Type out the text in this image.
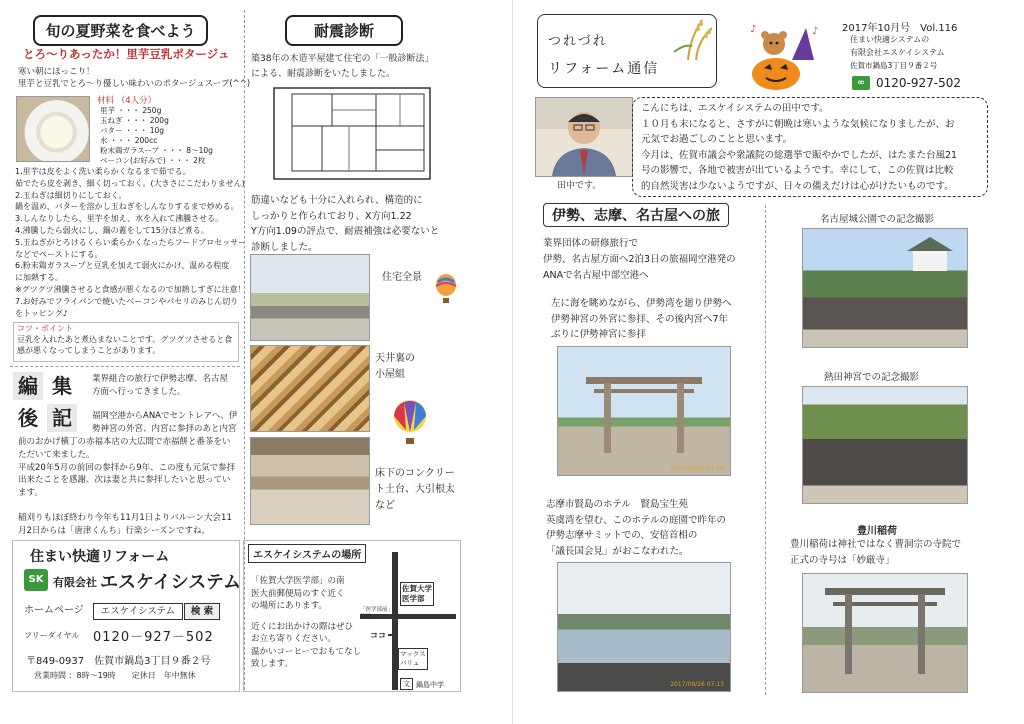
旬の夏野菜を食べよう
とろ〜りあったか！里芋豆乳ポタージュ
寒い朝にほっこり！
里芋と豆乳でとろ〜り優しい味わいのポタージュスープ(^^)
材料 （4人分）
里芋 ・・・ 250g
玉ねぎ ・・・ 200g
バター ・・・ 10g
水 ・・・ 200cc
粉末鶏ガラスープ ・・・ 8〜10g
ベーコン(お好みで) ・・・ 2枚
1.里芋は皮をよく洗い柔らかくなるまで茹でる。
茹でたら皮を剥き、細く切っておく。(大きさにこだわりません)
2.玉ねぎは細切りにしておく。
鍋を温め、バターを溶かし玉ねぎをしんなりするまで炒める。
3.しんなりしたら、里芋を加え、水を入れて沸騰させる。
4.沸騰したら弱火にし、鍋の蓋をして15分ほど煮る。
5.玉ねぎがとろけるくらい柔らかくなったらフードプロセッサー
などでペーストにする。
6.粉末鶏ガラスープと豆乳を加えて弱火にかけ、温める程度
に加熱する。
※グツグツ沸騰させると食感が悪くなるので加熱しすぎに注意！
7.お好みでフライパンで焼いたベーコンやパセリのみじん切り
をトッピング♪
コツ・ポイント
豆乳を入れたあと煮込まないことです。グツグツさせると食
感が悪くなってしまうことがあります。
編 集
後 記
業界組合の旅行で伊勢志摩、名古屋
方面へ行ってきました。
福岡空港からANAでセントレアへ、伊
勢神宮の外宮、内宮に参拝のあと内宮
前のおかげ横丁の赤福本店の大広間で赤福餅と番茶をい
ただいて来ました。
平成20年5月の前回の参拝から9年、この度も元気で参拝
出来たことを感謝、次は妻と共に参拝したいと思ってい
ます。
稲刈りもほぼ終わり今年も11月1日よりバルーン大会11
月2日からは「唐津くんち」行楽シーズンですね。
住まい快適リフォーム
SK 有限会社 エスケイシステム
ホームページ	エスケイシステム	検 索
フリーダイヤル 0120－927－502
〒849-0937　佐賀市鍋島3丁目９番２号
営業時間 ：8時〜19時　　定休日　年中無休
耐震診断
築38年の木造平屋建て住宅の「一般診断法」
による、耐震診断をいたしました。
筋違いなども十分に入れられ、構造的に
しっかりと作られており、X方向1.22
Y方向1.09の評点で、耐震補強は必要ないと
診断しました。
住宅全景
天井裏の
小屋組
床下のコンクリー
ト土台、大引根太
など
エスケイシステムの場所
「佐賀大学医学部」の南
医大前郵便局のすぐ近く
の場所にあります。
近くにお出かけの際はぜひ
お立ち寄りください。
温かいコーヒーでおもてなし
致します。
佐賀大学
医学部
「医学部前」
信号
ココ
マックス
バリュ
文 鍋島中学
つれづれ
リフォーム通信
♪	♪ 2017年10月号　Vol.116
住まい快適システムの
有限会社エスケイシステム
佐賀市鍋島3丁目９番２号
∞ 0120-927-502
田中です。
こんにちは、エスケイシステムの田中です。
１０月も末になると、さすがに朝晩は寒いような気候になりましたが、お
元気でお過ごしのことと思います。
今月は、佐賀市議会や衆議院の総選挙で賑やかでしたが、はたまた台風21
号の影響で、各地で被害が出ているようです。幸にして、この佐賀は比較
的自然災害は少ないようですが、日々の備えだけは心がけたいものです。
伊勢、志摩、名古屋への旅
業界団体の研修旅行で
伊勢、名古屋方面へ2泊3日の旅福岡空港発の
ANAで名古屋中部空港へ
左に海を眺めながら、伊勢湾を廻り伊勢へ
伊勢神宮の外宮に参拝、その後内宮へ7年
ぶりに伊勢神宮に参拝
2017/09/26 11:18
志摩市賢島のホテル　賢島宝生苑
英虞湾を望む、このホテルの庭園で昨年の
伊勢志摩サミットでの、安倍首相の
「議長国会見」がおこなわれた。
2017/09/26 07:13
名古屋城公園での記念撮影
熱田神宮での記念撮影
豊川稲荷
豊川稲荷は神社ではなく曹洞宗の寺院で
正式の寺号は「妙厳寺」
